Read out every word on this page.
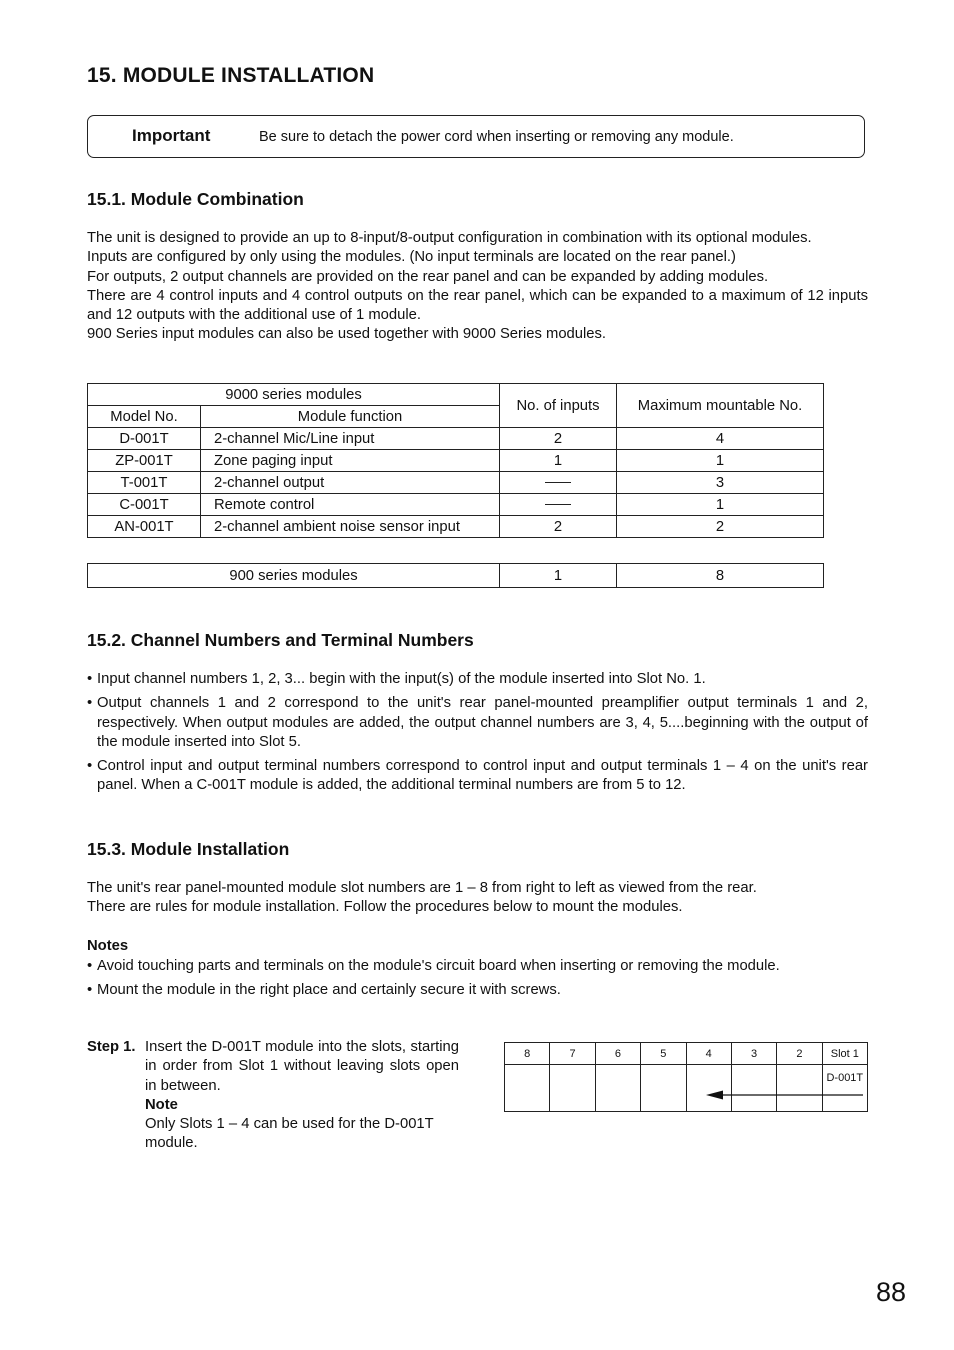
15. MODULE INSTALLATION
Important	Be sure to detach the power cord when inserting or removing any module.
15.1. Module Combination

The unit is designed to provide an up to 8-input/8-output configuration in combination with its optional modules.

Inputs are configured by only using the modules. (No input terminals are located on the rear panel.)

For outputs, 2 output channels are provided on the rear panel and can be expanded by adding modules.

There are 4 control inputs and 4 control outputs on the rear panel, which can be expanded to a maximum of 12 inputs and 12 outputs with the additional use of 1 module.

900 Series input modules can also be used together with 9000 Series modules.

9000 series modules		No. of inputs	Maximum mountable No.
Model No.	Module function		
D-001T	2-channel Mic/Line input	2	4
ZP-001T	Zone paging input	1	1
T-001T	2-channel output		3
C-001T	Remote control		1
AN-001T	2-channel ambient noise sensor input	2	2
900 series modules	1	8
15.2. Channel Numbers and Terminal Numbers
• Input channel numbers 1, 2, 3... begin with the input(s) of the module inserted into Slot No. 1.
• Output channels 1 and 2 correspond to the unit's rear panel-mounted preamplifier output terminals 1 and 2, respectively. When output modules are added, the output channel numbers are 3, 4, 5....beginning with the output of the module inserted into Slot 5.
• Control input and output terminal numbers correspond to control input and output terminals 1 – 4 on the unit's rear panel. When a C-001T module is added, the additional terminal numbers are from 5 to 12.
15.3. Module Installation

The unit's rear panel-mounted module slot numbers are 1 – 8 from right to left as viewed from the rear.

There are rules for module installation. Follow the procedures below to mount the modules.

Notes
• Avoid touching parts and terminals on the module's circuit board when inserting or removing the module.
• Mount the module in the right place and certainly secure it with screws.
Step 1. Insert the D-001T module into the slots, starting in order from Slot 1 without leaving slots open in between.

Note

Only Slots 1 – 4 can be used for the D-001T module.

8	7	6	5	4	3	2	Slot 1

							D-001T
88
